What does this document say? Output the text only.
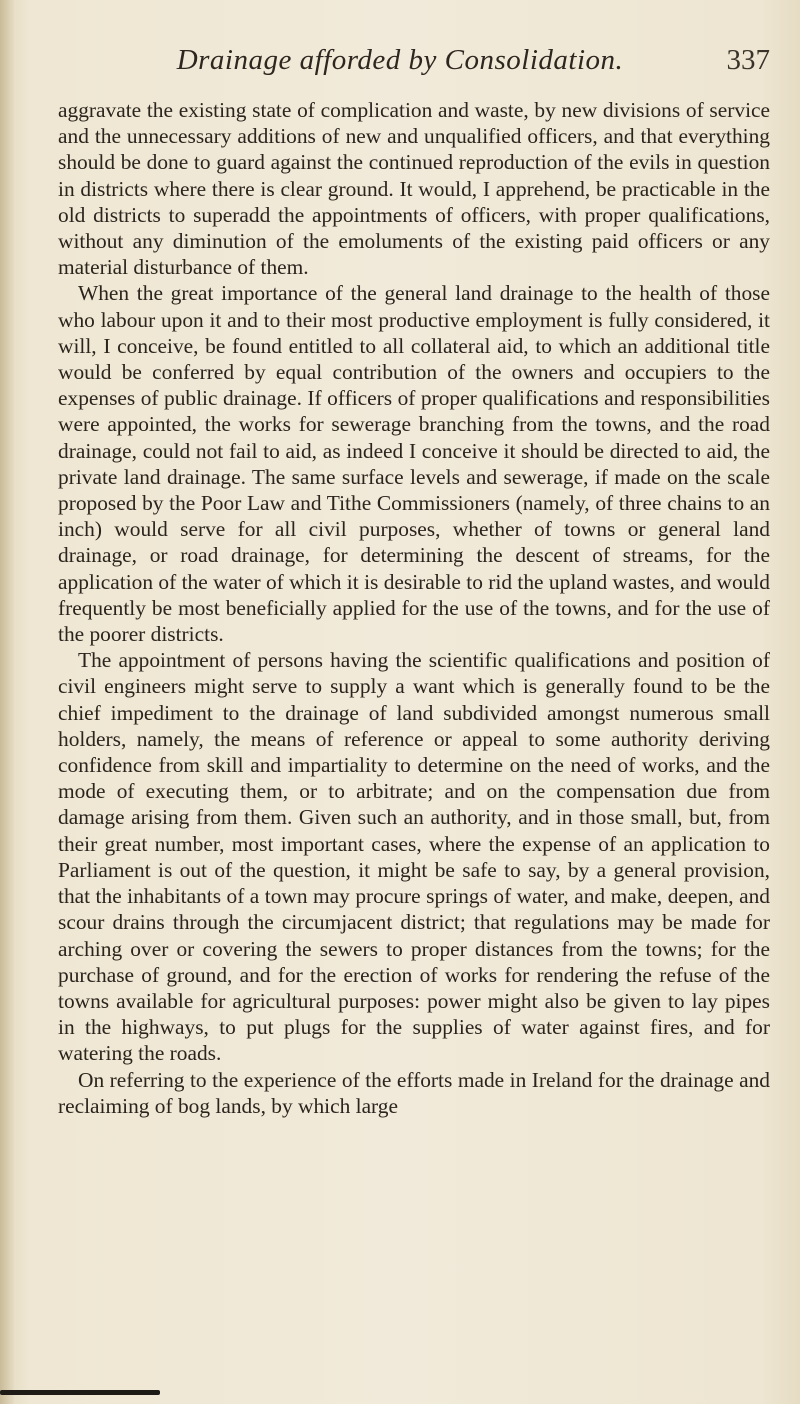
Drainage afforded by Consolidation.	337

aggravate the existing state of complication and waste, by new divisions of service and the unnecessary additions of new and unqualified officers, and that everything should be done to guard against the continued reproduction of the evils in question in districts where there is clear ground. It would, I apprehend, be practicable in the old districts to superadd the appointments of officers, with proper qualifications, without any diminution of the emoluments of the existing paid officers or any material disturbance of them.

When the great importance of the general land drainage to the health of those who labour upon it and to their most productive employment is fully considered, it will, I conceive, be found entitled to all collateral aid, to which an additional title would be conferred by equal contribution of the owners and occupiers to the expenses of public drainage. If officers of proper qualifications and responsibilities were appointed, the works for sewerage branching from the towns, and the road drainage, could not fail to aid, as indeed I conceive it should be directed to aid, the private land drainage. The same surface levels and sewerage, if made on the scale proposed by the Poor Law and Tithe Commissioners (namely, of three chains to an inch) would serve for all civil purposes, whether of towns or general land drainage, or road drainage, for determining the descent of streams, for the application of the water of which it is desirable to rid the upland wastes, and would frequently be most beneficially applied for the use of the towns, and for the use of the poorer districts.

The appointment of persons having the scientific qualifications and position of civil engineers might serve to supply a want which is generally found to be the chief impediment to the drainage of land subdivided amongst numerous small holders, namely, the means of reference or appeal to some authority deriving confidence from skill and impartiality to determine on the need of works, and the mode of executing them, or to arbitrate; and on the compensation due from damage arising from them. Given such an authority, and in those small, but, from their great number, most important cases, where the expense of an application to Parliament is out of the question, it might be safe to say, by a general provision, that the inhabitants of a town may procure springs of water, and make, deepen, and scour drains through the circumjacent district; that regulations may be made for arching over or covering the sewers to proper distances from the towns; for the purchase of ground, and for the erection of works for rendering the refuse of the towns available for agricultural purposes: power might also be given to lay pipes in the highways, to put plugs for the supplies of water against fires, and for watering the roads.

On referring to the experience of the efforts made in Ireland for the drainage and reclaiming of bog lands, by which large
